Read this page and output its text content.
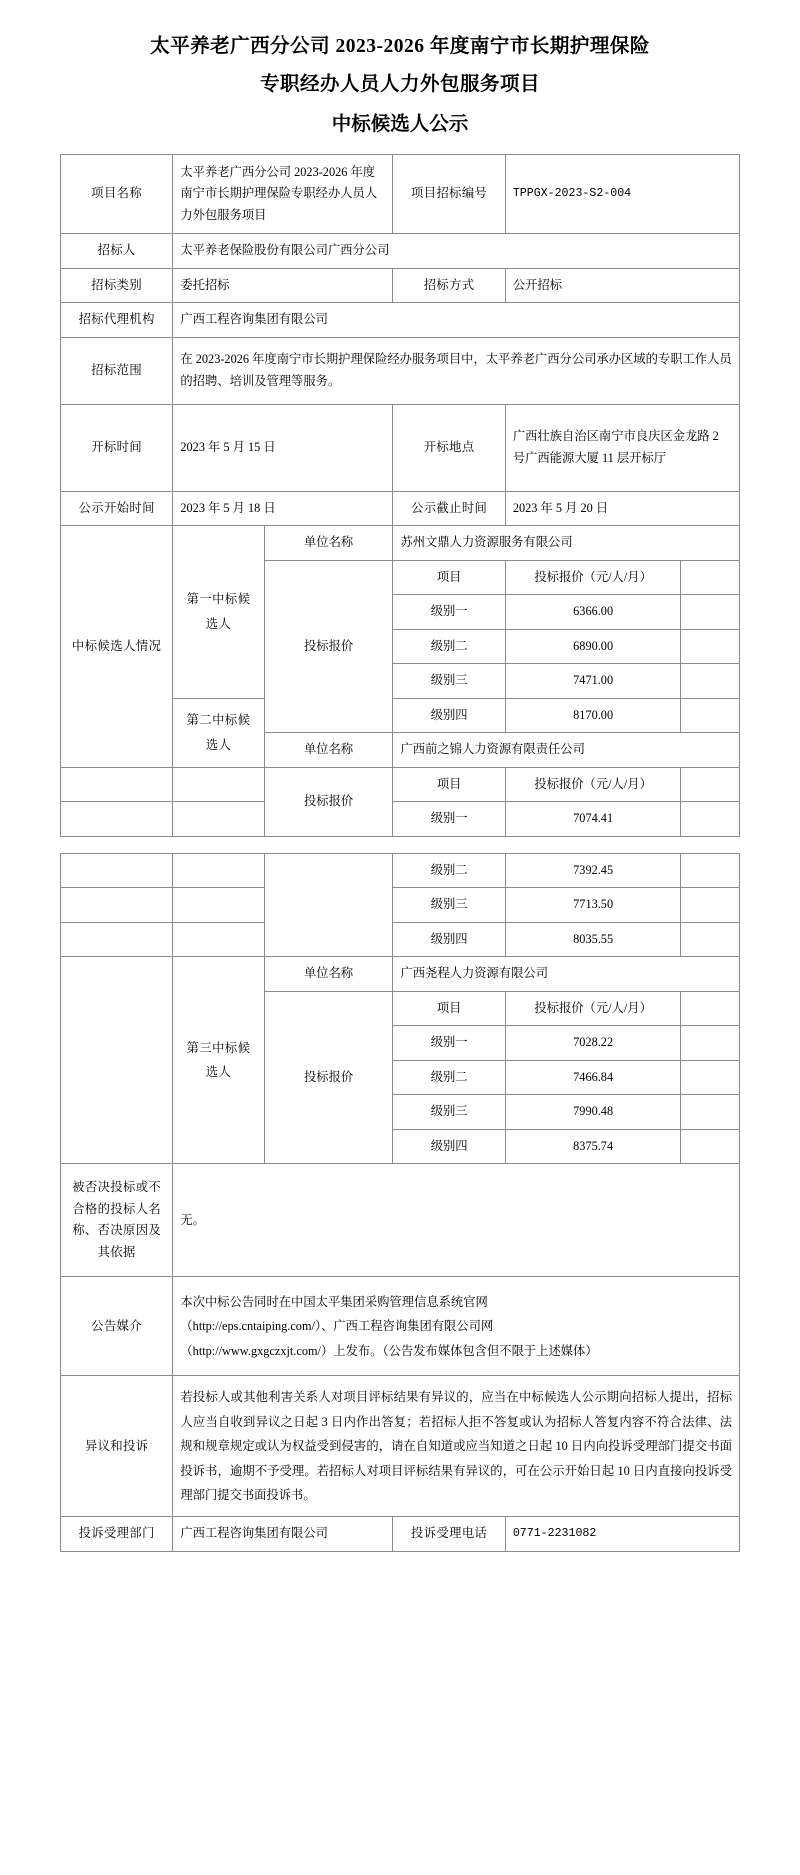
太平养老广西分公司 2023-2026 年度南宁市长期护理保险
专职经办人员人力外包服务项目
中标候选人公示
项目名称	太平养老广西分公司 2023-2026 年度南宁市长期护理保险专职经办人员人力外包服务项目		项目招标编号	TPPGX-2023-S2-004	
招标人	太平养老保险股份有限公司广西分公司				
招标类别	委托招标		招标方式	公开招标	
招标代理机构	广西工程咨询集团有限公司				
招标范围	在 2023-2026 年度南宁市长期护理保险经办服务项目中，太平养老广西分公司承办区域的专职工作人员的招聘、培训及管理等服务。				
开标时间	2023 年 5 月 15 日		开标地点	广西壮族自治区南宁市良庆区金龙路 2 号广西能源大厦 11 层开标厅	
公示开始时间	2023 年 5 月 18 日		公示截止时间	2023 年 5 月 20 日	
中标候选人情况	第一中标候选人	单位名称	苏州文鼎人力资源服务有限公司		
		投标报价	项目	投标报价（元/人/月）	
			级别一	6366.00	
			级别二	6890.00	
			级别三	7471.00	
	第二中标候选人		级别四	8170.00	
		单位名称	广西前之锦人力资源有限责任公司		
		投标报价	项目	投标报价（元/人/月）	
			级别一	7074.41	
			级别二	7392.45	
			级别三	7713.50	
			级别四	8035.55	
	第三中标候选人	单位名称	广西尧程人力资源有限公司		
		投标报价	项目	投标报价（元/人/月）	
			级别一	7028.22	
			级别二	7466.84	
			级别三	7990.48	
			级别四	8375.74	
被否决投标或不合格的投标人名称、否决原因及其依据	无。				
公告媒介	本次中标公告同时在中国太平集团采购管理信息系统官网

（http://eps.cntaiping.com/）、广西工程咨询集团有限公司网

（http://www.gxgczxjt.com/）上发布。（公告发布媒体包含但不限于上述媒体）				

异议和投诉	若投标人或其他利害关系人对项目评标结果有异议的，应当在中标候选人公示期向招标人提出，招标人应当自收到异议之日起 3 日内作出答复；若招标人拒不答复或认为招标人答复内容不符合法律、法规和规章规定或认为权益受到侵害的，请在自知道或应当知道之日起 10 日内向投诉受理部门提交书面投诉书，逾期不予受理。若招标人对项目评标结果有异议的，可在公示开始日起 10 日内直接向投诉受理部门提交书面投诉书。				
投诉受理部门	广西工程咨询集团有限公司		投诉受理电话	0771-2231082	
